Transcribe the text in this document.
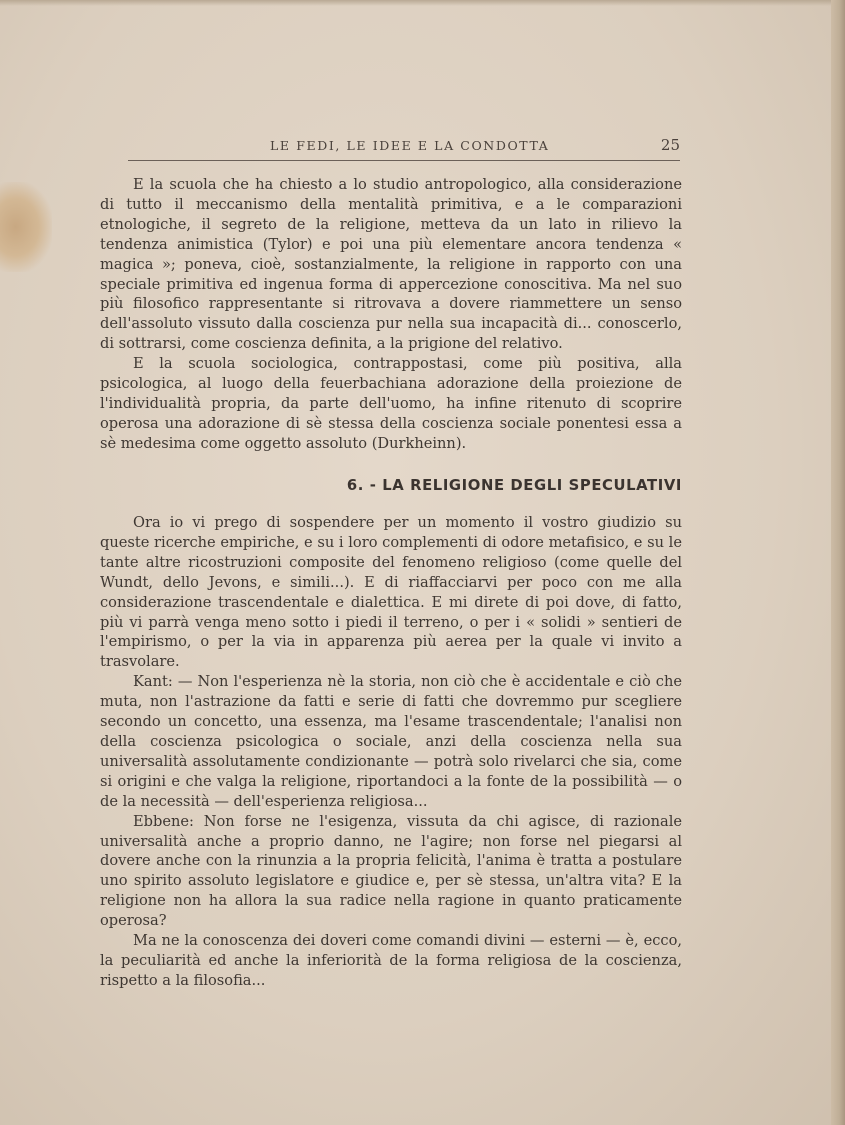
LE FEDI, LE IDEE E LA CONDOTTA	25

E la scuola che ha chiesto a lo studio antropologico, alla considerazione di tutto il meccanismo della mentalità primitiva, e a le comparazioni etnologiche, il segreto de la religione, metteva da un lato in rilievo la tendenza animistica (Tylor) e poi una più elementare ancora tendenza « magica »; poneva, cioè, sostanzialmente, la religione in rapporto con una speciale primitiva ed ingenua forma di appercezione conoscitiva. Ma nel suo più filosofico rappresentante si ritrovava a dovere riammettere un senso dell'assoluto vissuto dalla coscienza pur nella sua incapacità di... conoscerlo, di sottrarsi, come coscienza definita, a la prigione del relativo.

E la scuola sociologica, contrappostasi, come più positiva, alla psicologica, al luogo della feuerbachiana adorazione della proiezione de l'individualità propria, da parte dell'uomo, ha infine ritenuto di scoprire operosa una adorazione di sè stessa della coscienza sociale ponentesi essa a sè medesima come oggetto assoluto (Durkheinn).

6. - LA RELIGIONE DEGLI SPECULATIVI

Ora io vi prego di sospendere per un momento il vostro giudizio su queste ricerche empiriche, e su i loro complementi di odore metafisico, e su le tante altre ricostruzioni composite del fenomeno religioso (come quelle del Wundt, dello Jevons, e simili...). E di riaffacciarvi per poco con me alla considerazione trascendentale e dialettica. E mi direte di poi dove, di fatto, più vi parrà venga meno sotto i piedi il terreno, o per i « solidi » sentieri de l'empirismo, o per la via in apparenza più aerea per la quale vi invito a trasvolare.

Kant: — Non l'esperienza nè la storia, non ciò che è accidentale e ciò che muta, non l'astrazione da fatti e serie di fatti che dovremmo pur scegliere secondo un concetto, una essenza, ma l'esame trascendentale; l'analisi non della coscienza psicologica o sociale, anzi della coscienza nella sua universalità assolutamente condizionante — potrà solo rivelarci che sia, come si origini e che valga la religione, riportandoci a la fonte de la possibilità — o de la necessità — dell'esperienza religiosa...

Ebbene: Non forse ne l'esigenza, vissuta da chi agisce, di razionale universalità anche a proprio danno, ne l'agire; non forse nel piegarsi al dovere anche con la rinunzia a la propria felicità, l'anima è tratta a postulare uno spirito assoluto legislatore e giudice e, per sè stessa, un'altra vita? E la religione non ha allora la sua radice nella ragione in quanto praticamente operosa?

Ma ne la conoscenza dei doveri come comandi divini — esterni — è, ecco, la peculiarità ed anche la inferiorità de la forma religiosa de la coscienza, rispetto a la filosofia...
